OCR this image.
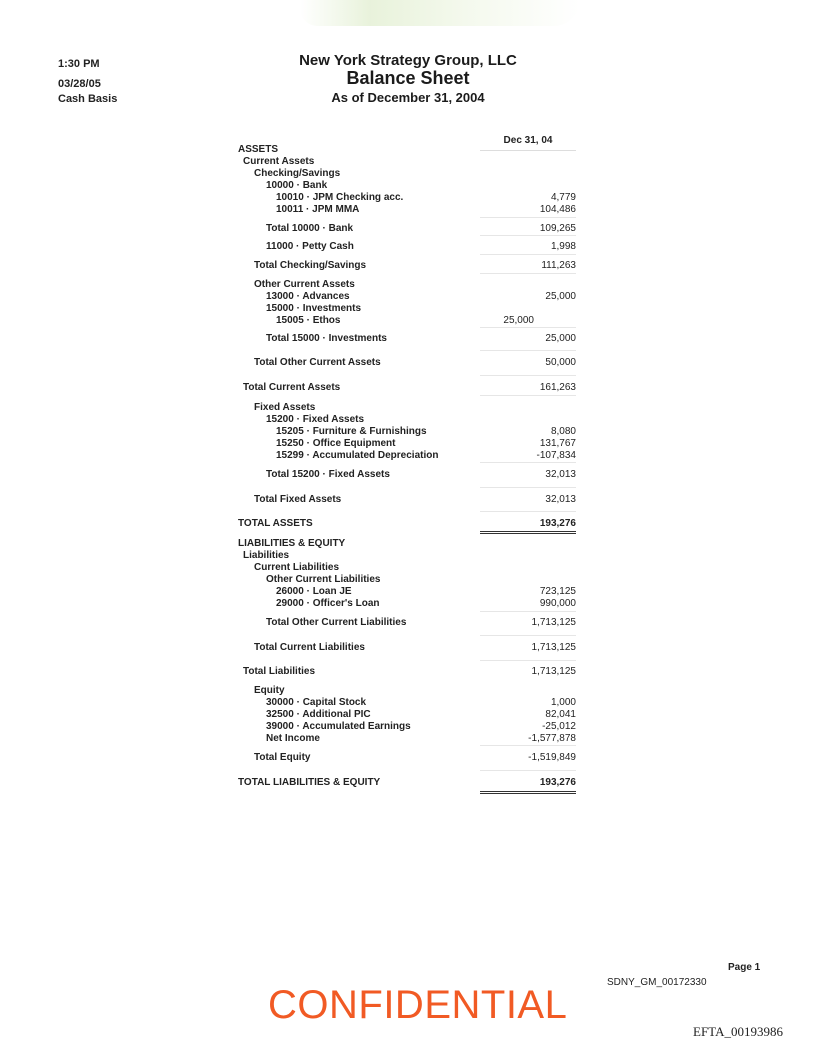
1:30 PM
03/28/05
Cash Basis
New York Strategy Group, LLC
Balance Sheet
As of December 31, 2004
Dec 31, 04
ASSETS
Current Assets
Checking/Savings
10000 · Bank
10010 · JPM Checking acc.	4,779
10011 · JPM MMA	104,486
Total 10000 · Bank	109,265
11000 · Petty Cash	1,998
Total Checking/Savings	111,263
Other Current Assets
13000 · Advances	25,000
15000 · Investments
15005 · Ethos	25,000
Total 15000 · Investments	25,000
Total Other Current Assets	50,000
Total Current Assets	161,263
Fixed Assets
15200 · Fixed Assets
15205 · Furniture & Furnishings	8,080
15250 · Office Equipment	131,767
15299 · Accumulated Depreciation	-107,834
Total 15200 · Fixed Assets	32,013
Total Fixed Assets	32,013
TOTAL ASSETS	193,276
LIABILITIES & EQUITY
Liabilities
Current Liabilities
Other Current Liabilities
26000 · Loan JE	723,125
29000 · Officer's Loan	990,000
Total Other Current Liabilities	1,713,125
Total Current Liabilities	1,713,125
Total Liabilities	1,713,125
Equity
30000 · Capital Stock	1,000
32500 · Additional PIC	82,041
39000 · Accumulated Earnings	-25,012
Net Income	-1,577,878
Total Equity	-1,519,849
TOTAL LIABILITIES & EQUITY	193,276
Page 1
SDNY_GM_00172330
CONFIDENTIAL
EFTA_00193986
